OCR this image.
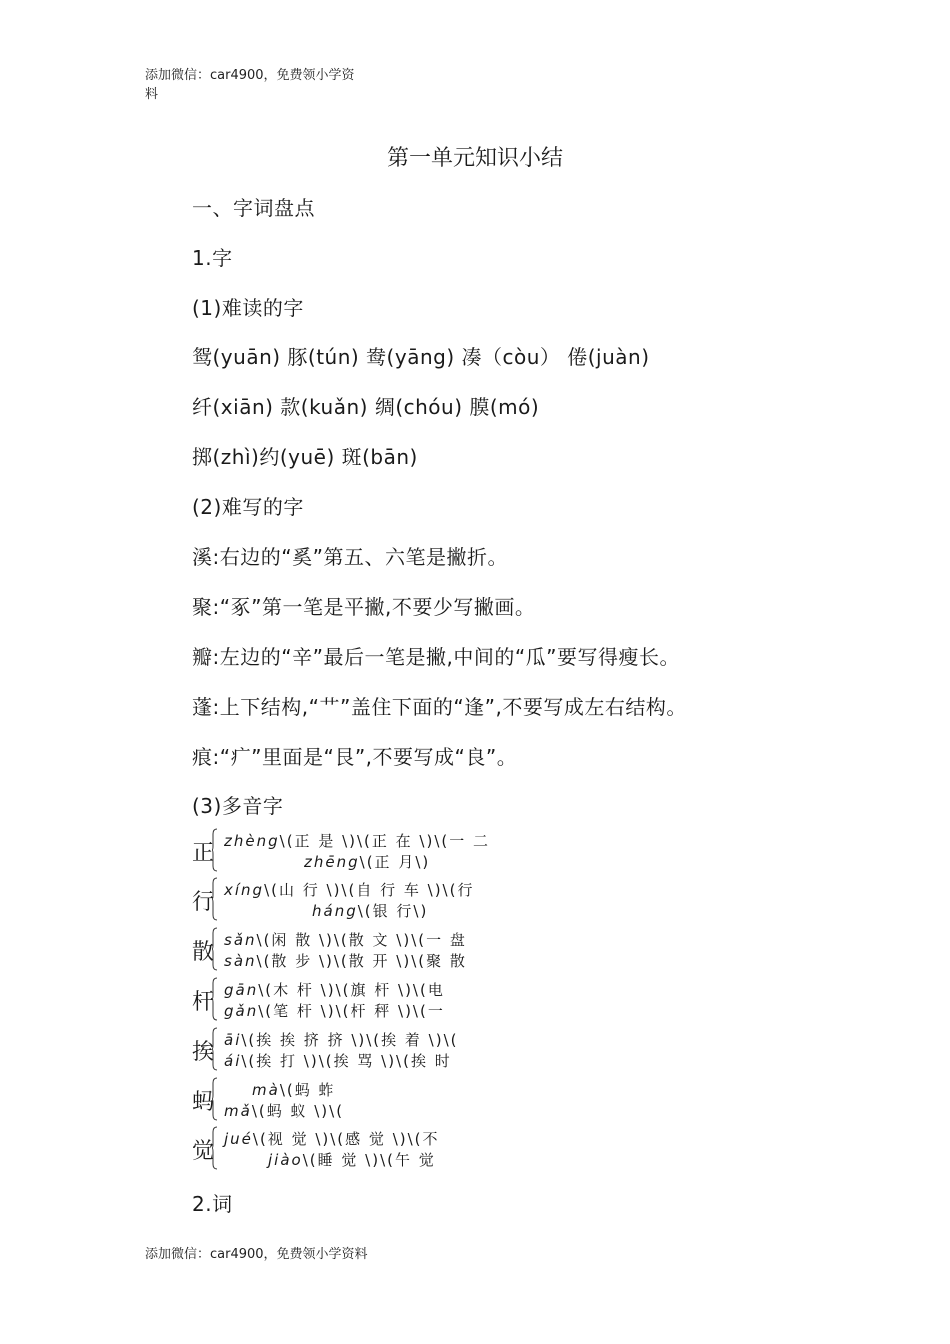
添加微信：car4900，免费领小学资
料
第一单元知识小结
一、字词盘点
1.字
(1)难读的字
鸳(yuān) 豚(tún) 鸯(yāng) 凑（còu） 倦(juàn)
纤(xiān) 款(kuǎn) 绸(chóu) 膜(mó)
掷(zhì)约(yuē) 斑(bān)
(2)难写的字
溪:右边的“奚”第五、六笔是撇折。
聚:“豖”第一笔是平撇,不要少写撇画。
瓣:左边的“辛”最后一笔是撇,中间的“瓜”要写得瘦长。
蓬:上下结构,“艹”盖住下面的“逢”,不要写成左右结构。
痕:“疒”里面是“艮”,不要写成“良”。
(3)多音字
正 zhèng\(正 是 \)\(正 在 \)\(一 二
zhēng\(正 月\)
行 xíng\(山 行 \)\(自 行 车 \)\(行
háng\(银 行\)
散 sǎn\(闲 散 \)\(散 文 \)\(一 盘
sàn\(散 步 \)\(散 开 \)\(聚 散
杆 gān\(木 杆 \)\(旗 杆 \)\(电
gǎn\(笔 杆 \)\(杆 秤 \)\(一
挨 āi\(挨 挨 挤 挤 \)\(挨 着 \)\(
ái\(挨 打 \)\(挨 骂 \)\(挨 时
蚂	mà\(蚂 蚱
mǎ\(蚂 蚁 \)\(
觉 jué\(视 觉 \)\(感 觉 \)\(不
jiào\(睡 觉 \)\(午 觉
2.词
添加微信：car4900，免费领小学资料
